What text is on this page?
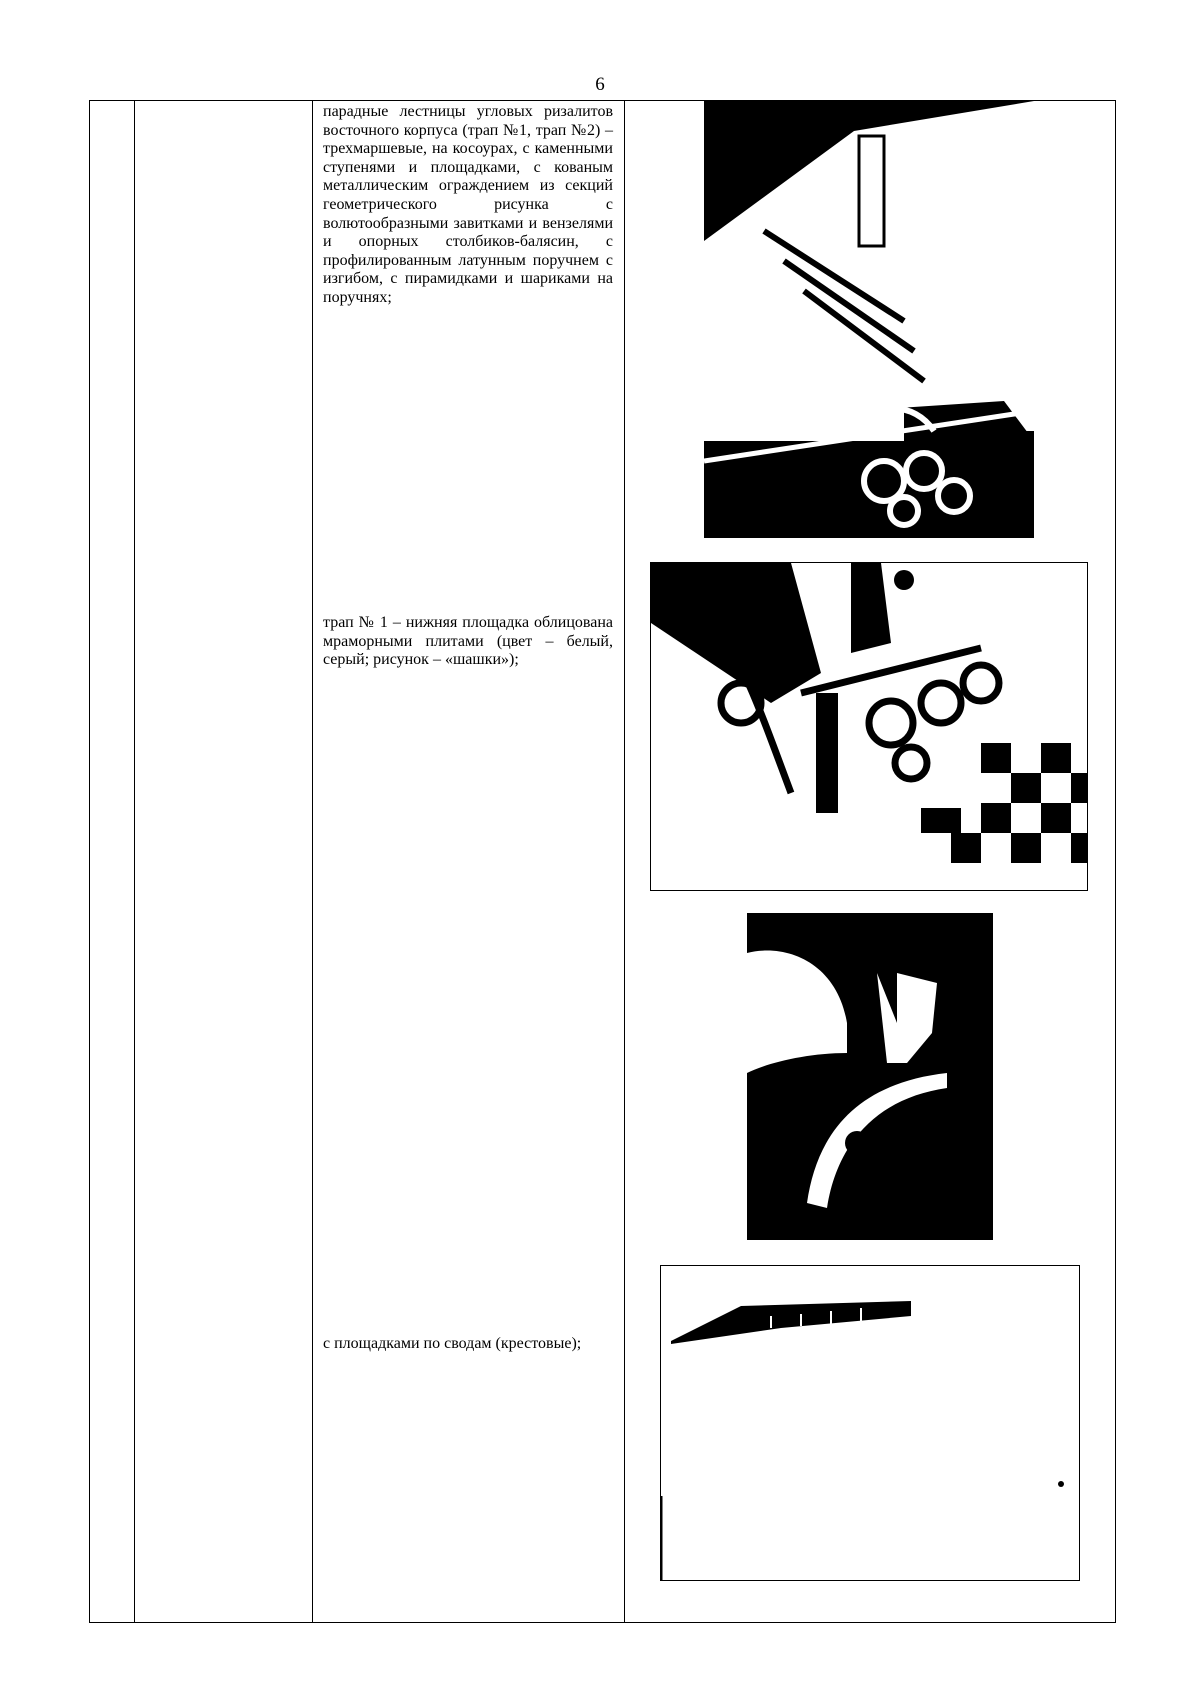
6
парадные лестницы угловых ризалитов восточного корпуса (трап №1, трап №2) – трехмаршевые, на косоурах, с каменными ступенями и площадками, с кованым металлическим ограждением из секций геометрического рисунка с волютообразными завитками и вензелями и опорных столбиков-балясин, с профилированным латунным поручнем с изгибом, с пирамидками и шариками на поручнях;
трап № 1 – нижняя площадка облицована мраморными плитами (цвет – белый, серый; рисунок – «шашки»);
с площадками по сводам (крестовые);
